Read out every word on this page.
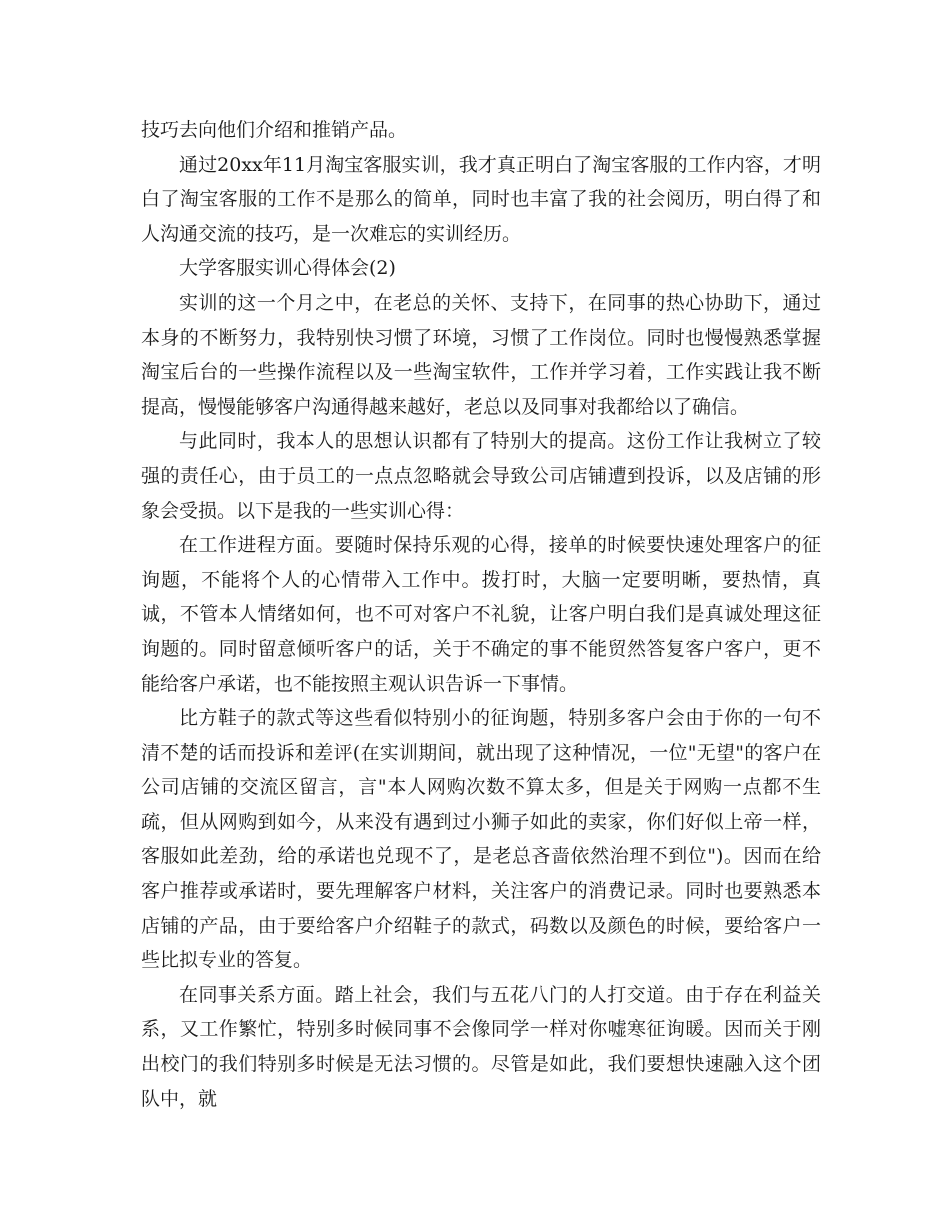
技巧去向他们介绍和推销产品。

通过20xx年11月淘宝客服实训，我才真正明白了淘宝客服的工作内容，才明白了淘宝客服的工作不是那么的简单，同时也丰富了我的社会阅历，明白得了和人沟通交流的技巧，是一次难忘的实训经历。

大学客服实训心得体会(2)

实训的这一个月之中，在老总的关怀、支持下，在同事的热心协助下，通过本身的不断努力，我特别快习惯了环境，习惯了工作岗位。同时也慢慢熟悉掌握淘宝后台的一些操作流程以及一些淘宝软件，工作并学习着，工作实践让我不断提高，慢慢能够客户沟通得越来越好，老总以及同事对我都给以了确信。

与此同时，我本人的思想认识都有了特别大的提高。这份工作让我树立了较强的责任心，由于员工的一点点忽略就会导致公司店铺遭到投诉，以及店铺的形象会受损。以下是我的一些实训心得：

在工作进程方面。要随时保持乐观的心得，接单的时候要快速处理客户的征询题，不能将个人的心情带入工作中。拨打时，大脑一定要明晰，要热情，真诚，不管本人情绪如何，也不可对客户不礼貌，让客户明白我们是真诚处理这征询题的。同时留意倾听客户的话，关于不确定的事不能贸然答复客户客户，更不能给客户承诺，也不能按照主观认识告诉一下事情。

比方鞋子的款式等这些看似特别小的征询题，特别多客户会由于你的一句不清不楚的话而投诉和差评(在实训期间，就出现了这种情况，一位"无望"的客户在公司店铺的交流区留言，言"本人网购次数不算太多，但是关于网购一点都不生疏，但从网购到如今，从来没有遇到过小狮子如此的卖家，你们好似上帝一样，客服如此差劲，给的承诺也兑现不了，是老总吝啬依然治理不到位")。因而在给客户推荐或承诺时，要先理解客户材料，关注客户的消费记录。同时也要熟悉本店铺的产品，由于要给客户介绍鞋子的款式，码数以及颜色的时候，要给客户一些比拟专业的答复。

在同事关系方面。踏上社会，我们与五花八门的人打交道。由于存在利益关系，又工作繁忙，特别多时候同事不会像同学一样对你嘘寒征询暖。因而关于刚出校门的我们特别多时候是无法习惯的。尽管是如此，我们要想快速融入这个团队中，就
